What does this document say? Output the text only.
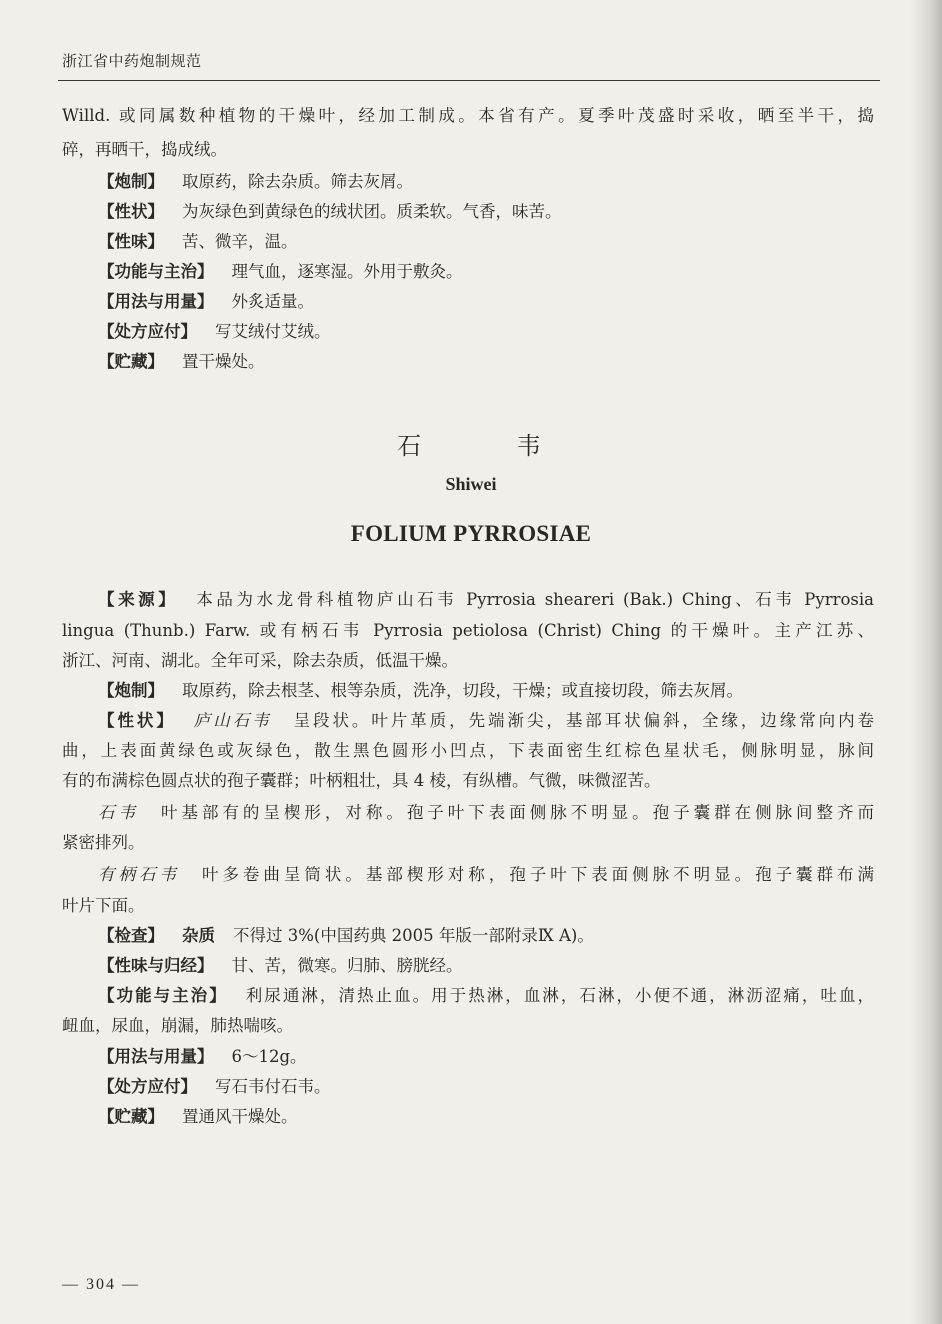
浙江省中药炮制规范
Willd. 或同属数种植物的干燥叶，经加工制成。本省有产。夏季叶茂盛时采收，晒至半干，捣
碎，再晒干，捣成绒。
【炮制】 取原药，除去杂质。筛去灰屑。
【性状】 为灰绿色到黄绿色的绒状团。质柔软。气香，味苦。
【性味】 苦、微辛，温。
【功能与主治】 理气血，逐寒湿。外用于敷灸。
【用法与用量】 外炙适量。
【处方应付】 写艾绒付艾绒。
【贮藏】 置干燥处。
石 韦
Shiwei
FOLIUM PYRROSIAE
【来源】 本品为水龙骨科植物庐山石韦 Pyrrosia sheareri (Bak.) Ching、石韦 Pyrrosia
lingua (Thunb.) Farw. 或有柄石韦 Pyrrosia petiolosa (Christ) Ching 的干燥叶。主产江苏、
浙江、河南、湖北。全年可采，除去杂质，低温干燥。
【炮制】 取原药，除去根茎、根等杂质，洗净，切段，干燥；或直接切段，筛去灰屑。
【性状】 庐山石韦 呈段状。叶片革质，先端渐尖，基部耳状偏斜，全缘，边缘常向内卷
曲，上表面黄绿色或灰绿色，散生黑色圆形小凹点，下表面密生红棕色星状毛，侧脉明显，脉间
有的布满棕色圆点状的孢子囊群；叶柄粗壮，具 4 棱，有纵槽。气微，味微涩苦。
石韦 叶基部有的呈楔形，对称。孢子叶下表面侧脉不明显。孢子囊群在侧脉间整齐而
紧密排列。
有柄石韦 叶多卷曲呈筒状。基部楔形对称，孢子叶下表面侧脉不明显。孢子囊群布满
叶片下面。
【检查】 杂质 不得过 3%(中国药典 2005 年版一部附录Ⅸ A)。
【性味与归经】 甘、苦，微寒。归肺、膀胱经。
【功能与主治】 利尿通淋，清热止血。用于热淋，血淋，石淋，小便不通，淋沥涩痛，吐血，
衄血，尿血，崩漏，肺热喘咳。
【用法与用量】 6～12g。
【处方应付】 写石韦付石韦。
【贮藏】 置通风干燥处。
— 304 —
